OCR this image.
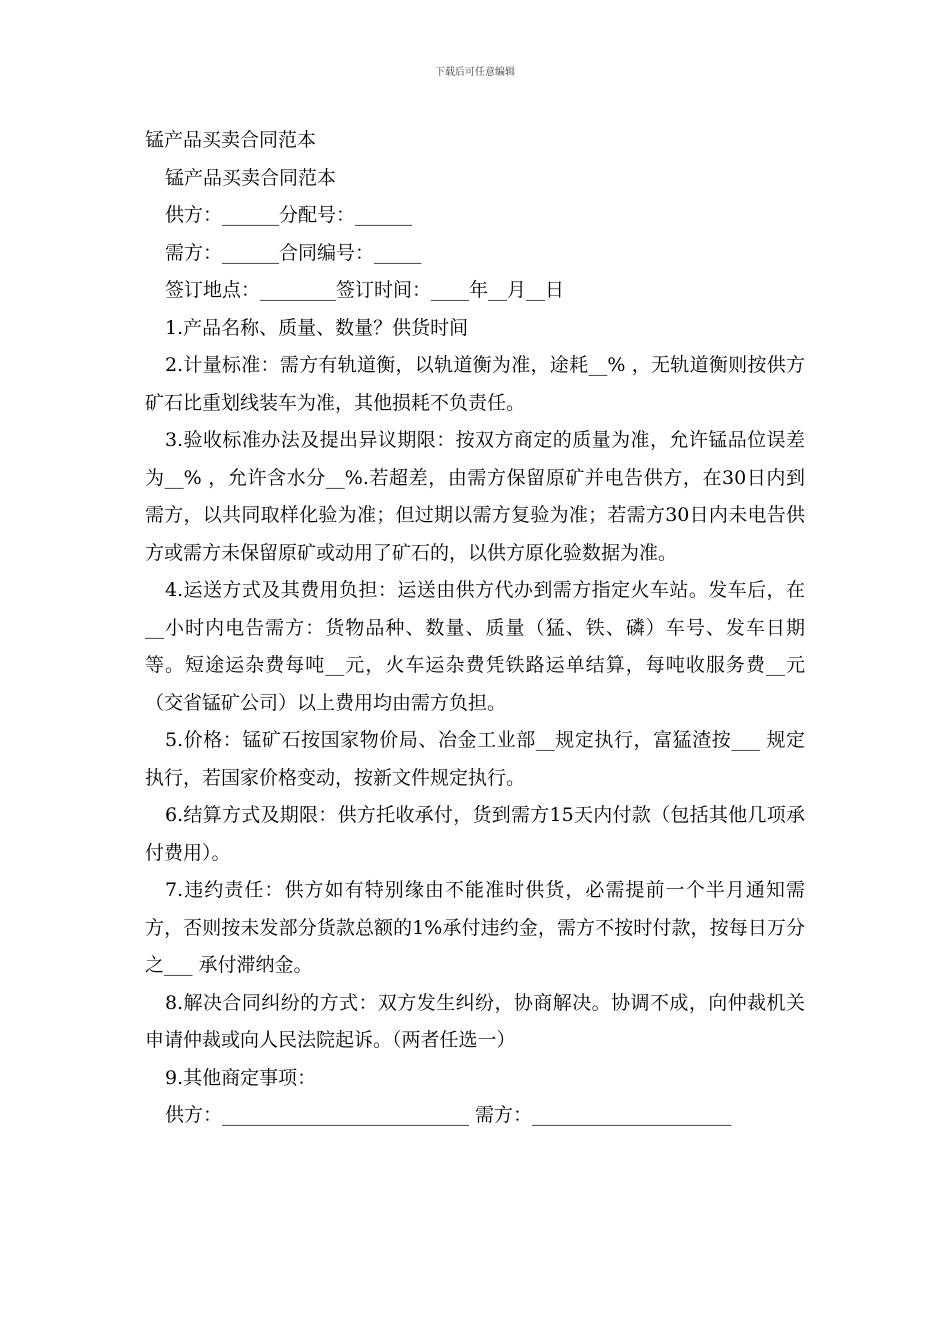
下载后可任意编辑

锰产品买卖合同范本

锰产品买卖合同范本

供方：______分配号：______

需方：______合同编号：_____

签订地点：________签订时间：____年__月__日

1.产品名称、质量、数量？供货时间

2.计量标准：需方有轨道衡，以轨道衡为准，途耗__% ，无轨道衡则按供方矿石比重划线装车为准，其他损耗不负责任。

3.验收标准办法及提出异议期限：按双方商定的质量为准，允许锰品位误差为__% ，允许含水分__%.若超差，由需方保留原矿并电告供方，在30日内到需方，以共同取样化验为准；但过期以需方复验为准；若需方30日内未电告供方或需方未保留原矿或动用了矿石的，以供方原化验数据为准。

4.运送方式及其费用负担：运送由供方代办到需方指定火车站。发车后，在__小时内电告需方：货物品种、数量、质量（猛、铁、磷）车号、发车日期等。短途运杂费每吨__元，火车运杂费凭铁路运单结算，每吨收服务费__元（交省锰矿公司）以上费用均由需方负担。

5.价格：锰矿石按国家物价局、冶金工业部__规定执行，富猛渣按___ 规定执行，若国家价格变动，按新文件规定执行。

6.结算方式及期限：供方托收承付，货到需方15天内付款（包括其他几项承付费用）。

7.违约责任：供方如有特别缘由不能准时供货，必需提前一个半月通知需方，否则按未发部分货款总额的1%承付违约金，需方不按时付款，按每日万分之___ 承付滞纳金。

8.解决合同纠纷的方式：双方发生纠纷，协商解决。协调不成，向仲裁机关申请仲裁或向人民法院起诉。（两者任选一）

9.其他商定事项：

供方：__________________________ 需方：_____________________
